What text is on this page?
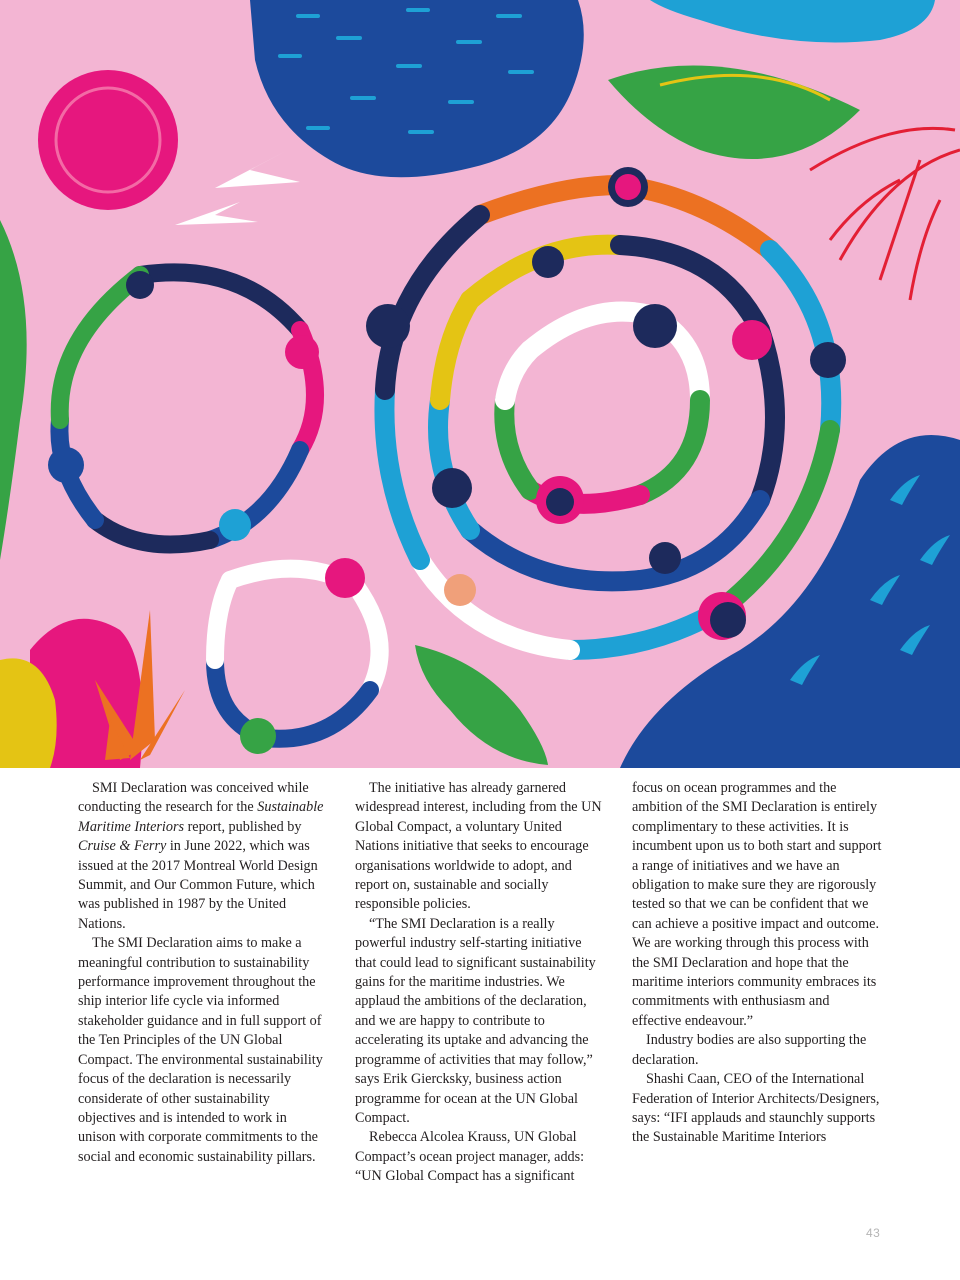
SMI Declaration was conceived while conducting the research for the Sustainable Maritime Interiors report, published by Cruise & Ferry in June 2022, which was issued at the 2017 Montreal World Design Summit, and Our Common Future, which was published in 1987 by the United Nations.

The SMI Declaration aims to make a meaningful contribution to sustainability performance improvement throughout the ship interior life cycle via informed stakeholder guidance and in full support of the Ten Principles of the UN Global Compact. The environmental sustainability focus of the declaration is necessarily considerate of other sustainability objectives and is intended to work in unison with corporate commitments to the social and economic sustainability pillars.

The initiative has already garnered widespread interest, including from the UN Global Compact, a voluntary United Nations initiative that seeks to encourage organisations worldwide to adopt, and report on, sustainable and socially responsible policies.

“The SMI Declaration is a really powerful industry self-starting initiative that could lead to significant sustainability gains for the maritime industries. We applaud the ambitions of the declaration, and we are happy to contribute to accelerating its uptake and advancing the programme of activities that may follow,” says Erik Giercksky, business action programme for ocean at the UN Global Compact.

Rebecca Alcolea Krauss, UN Global Compact’s ocean project manager, adds: “UN Global Compact has a significant

focus on ocean programmes and the ambition of the SMI Declaration is entirely complimentary to these activities. It is incumbent upon us to both start and support a range of initiatives and we have an obligation to make sure they are rigorously tested so that we can be confident that we can achieve a positive impact and outcome. We are working through this process with the SMI Declaration and hope that the maritime interiors community embraces its commitments with enthusiasm and effective endeavour.”

Industry bodies are also supporting the declaration.

Shashi Caan, CEO of the International Federation of Interior Architects/Designers, says: “IFI applauds and staunchly supports the Sustainable Maritime Interiors

43
